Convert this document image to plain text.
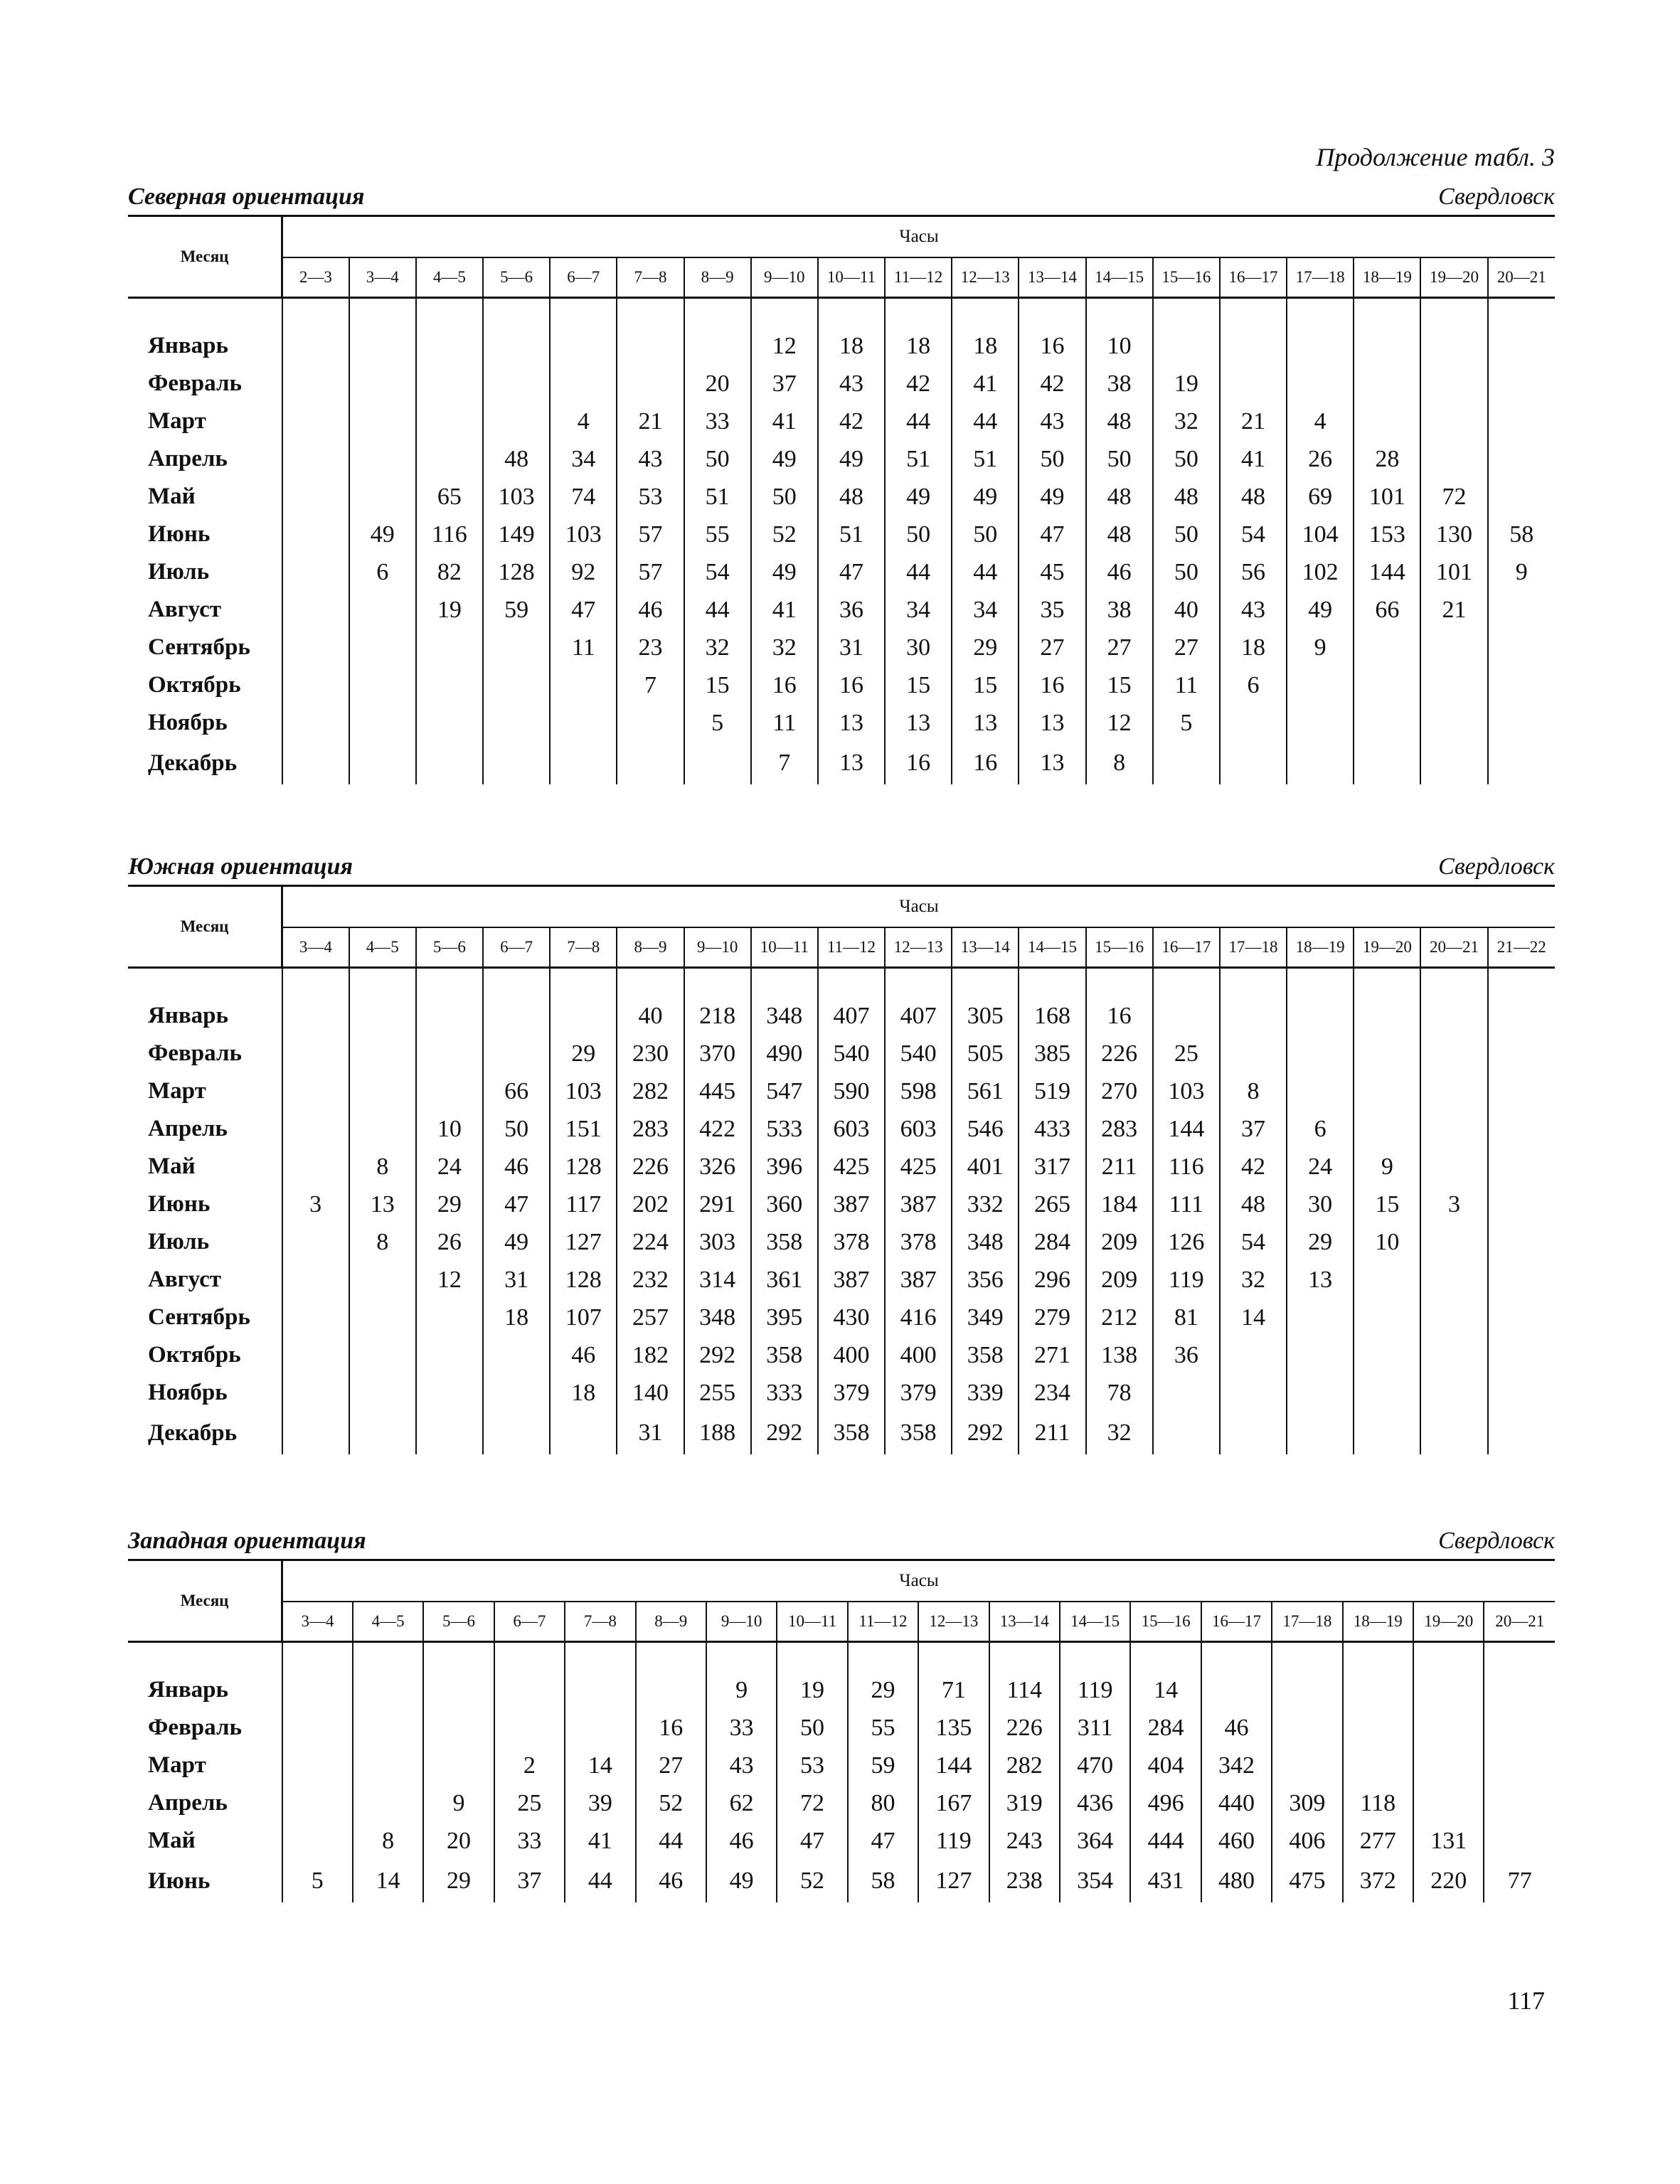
Продолжение табл. 3
Северная ориентация	Свердловск
Месяц	Часы																		
	2—3	3—4	4—5	5—6	6—7	7—8	8—9	9—10	10—11	11—12	12—13	13—14	14—15	15—16	16—17	17—18	18—19	19—20	20—21

Январь								12	18	18	18	16	10						
Февраль							20	37	43	42	41	42	38	19					
Март					4	21	33	41	42	44	44	43	48	32	21	4			
Апрель				48	34	43	50	49	49	51	51	50	50	50	41	26	28		
Май			65	103	74	53	51	50	48	49	49	49	48	48	48	69	101	72	
Июнь		49	116	149	103	57	55	52	51	50	50	47	48	50	54	104	153	130	58
Июль		6	82	128	92	57	54	49	47	44	44	45	46	50	56	102	144	101	9
Август			19	59	47	46	44	41	36	34	34	35	38	40	43	49	66	21	
Сентябрь					11	23	32	32	31	30	29	27	27	27	18	9			
Октябрь						7	15	16	16	15	15	16	15	11	6				
Ноябрь							5	11	13	13	13	13	12	5					
Декабрь								7	13	16	16	13	8						
Южная ориентация	Свердловск
Месяц	Часы																		
	3—4	4—5	5—6	6—7	7—8	8—9	9—10	10—11	11—12	12—13	13—14	14—15	15—16	16—17	17—18	18—19	19—20	20—21	21—22

Январь						40	218	348	407	407	305	168	16						
Февраль					29	230	370	490	540	540	505	385	226	25					
Март				66	103	282	445	547	590	598	561	519	270	103	8				
Апрель			10	50	151	283	422	533	603	603	546	433	283	144	37	6			
Май		8	24	46	128	226	326	396	425	425	401	317	211	116	42	24	9		
Июнь	3	13	29	47	117	202	291	360	387	387	332	265	184	111	48	30	15	3	
Июль		8	26	49	127	224	303	358	378	378	348	284	209	126	54	29	10		
Август			12	31	128	232	314	361	387	387	356	296	209	119	32	13			
Сентябрь				18	107	257	348	395	430	416	349	279	212	81	14				
Октябрь					46	182	292	358	400	400	358	271	138	36					
Ноябрь					18	140	255	333	379	379	339	234	78						
Декабрь						31	188	292	358	358	292	211	32						
Западная ориентация	Свердловск
Месяц	Часы																	
	3—4	4—5	5—6	6—7	7—8	8—9	9—10	10—11	11—12	12—13	13—14	14—15	15—16	16—17	17—18	18—19	19—20	20—21

Январь							9	19	29	71	114	119	14					
Февраль						16	33	50	55	135	226	311	284	46				
Март				2	14	27	43	53	59	144	282	470	404	342				
Апрель			9	25	39	52	62	72	80	167	319	436	496	440	309	118		
Май		8	20	33	41	44	46	47	47	119	243	364	444	460	406	277	131	
Июнь	5	14	29	37	44	46	49	52	58	127	238	354	431	480	475	372	220	77
117
